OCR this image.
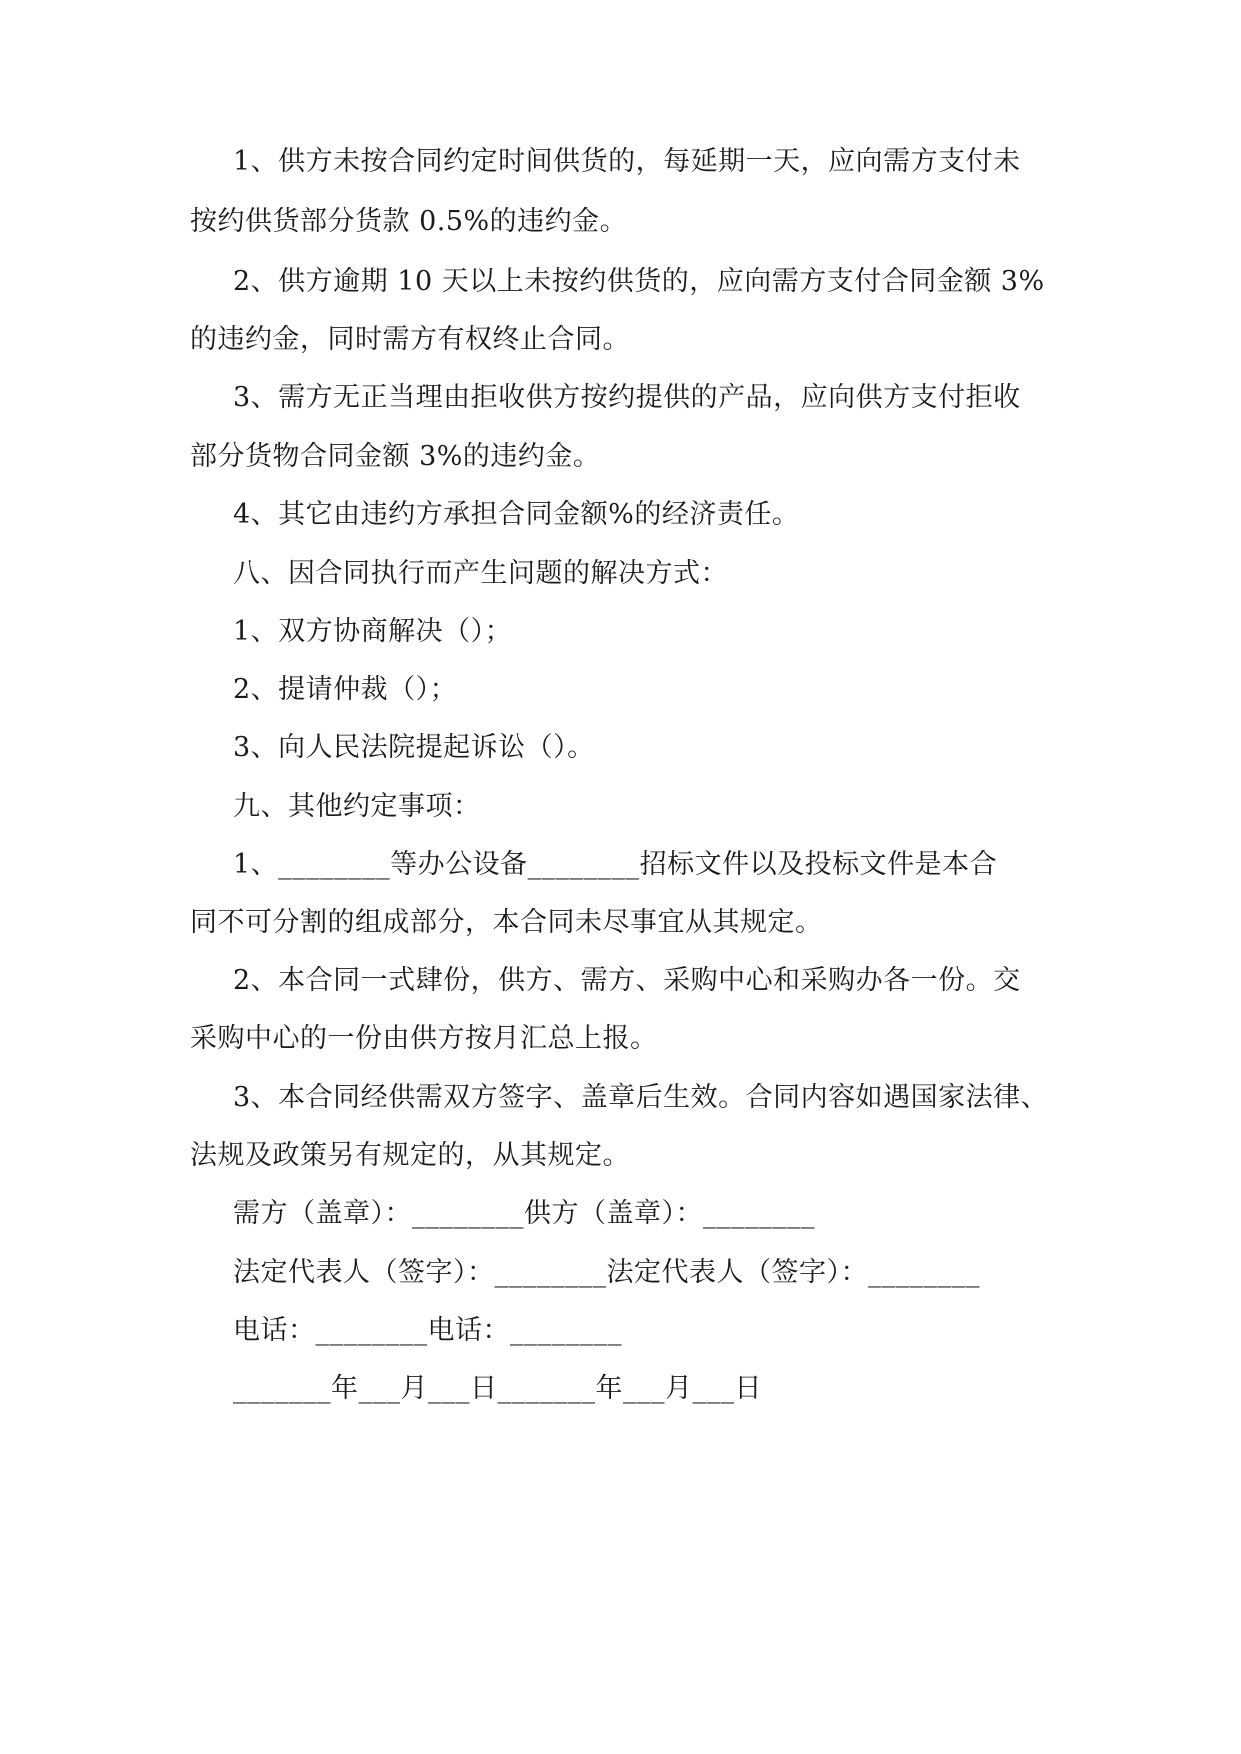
1、供方未按合同约定时间供货的，每延期一天，应向需方支付未
按约供货部分货款 0.5%的违约金。
2、供方逾期 10 天以上未按约供货的，应向需方支付合同金额 3%
的违约金，同时需方有权终止合同。
3、需方无正当理由拒收供方按约提供的产品，应向供方支付拒收
部分货物合同金额 3%的违约金。
4、其它由违约方承担合同金额%的经济责任。
八、因合同执行而产生问题的解决方式：
1、双方协商解决（）；
2、提请仲裁（）；
3、向人民法院提起诉讼（）。
九、其他约定事项：
1、________等办公设备________招标文件以及投标文件是本合
同不可分割的组成部分，本合同未尽事宜从其规定。
2、本合同一式肆份，供方、需方、采购中心和采购办各一份。交
采购中心的一份由供方按月汇总上报。
3、本合同经供需双方签字、盖章后生效。合同内容如遇国家法律、
法规及政策另有规定的，从其规定。
需方（盖章）：________供方（盖章）：________
法定代表人（签字）：________法定代表人（签字）：________
电话：________电话：________
_______年___月___日_______年___月___日
